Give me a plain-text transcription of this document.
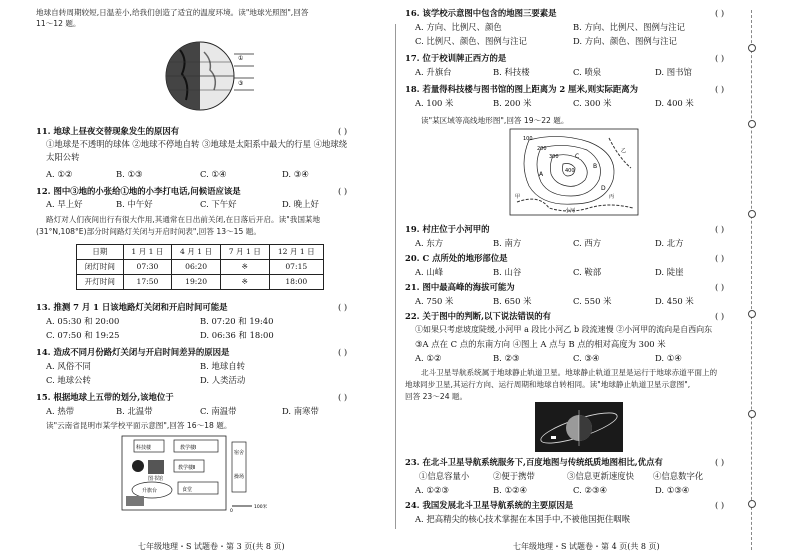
地球自转周期较短,日温差小,给我们创造了适宜的温度环境。读"地球光照图",回答
11～12 题。
①
③
11. 地球上昼夜交替现象发生的原因有	( )
①地球是不透明的球体 ②地球不停地自转 ③地球是太阳系中最大的行星 ④地球绕
太阳公转
A. ①②	B. ①③	C. ①④	D. ③④
12. 图中③地的小张给①地的小李打电话,问候语应该是	( )
A. 早上好	B. 中午好	C. 下午好	D. 晚上好
路灯对人们夜间出行有很大作用,其通常在日出前关闭,在日落后开启。读"我国某地
(31°N,108°E)部分时间路灯关闭与开启时间表",回答 13～15 题。
日期	1 月 1 日	4 月 1 日	7 月 1 日	12 月 1 日
闭灯时间	07:30	06:20	※	07:15
开灯时间	17:50	19:20	※	18:00
13. 推测 7 月 1 日该地路灯关闭和开启时间可能是	( )
A. 05:30 和 20:00	B. 07:20 和 19:40
C. 07:50 和 19:25	D. 06:36 和 18:00
14. 造成不同月份路灯关闭与开启时间差异的原因是	( )
A. 风俗不同	B. 地球自转
C. 地球公转	D. 人类活动
15. 根据地球上五带的划分,该地位于	( )
A. 热带	B. 北温带	C. 南温带	D. 南寒带
读"云南省昆明市某学校平面示意图",回答 16～18 题。
科技楼	教学楼Ⅰ
教学楼Ⅱ
升旗台	食堂
图书馆
宿舍
操场
0
100米
七年级地理・S 试题卷・第 3 页(共 8 页)
16. 该学校示意图中包含的地图三要素是	( )
A. 方向、比例尺、颜色	B. 方向、比例尺、图例与注记
C. 比例尺、颜色、图例与注记	D. 方向、颜色、图例与注记
17. 位于校训牌正西方的是	( )
A. 升旗台	B. 科技楼	C. 喷泉	D. 图书馆
18. 若量得科技楼与图书馆的图上距离为 2 厘米,则实际距离为	( )
A. 100 米	B. 200 米	C. 300 米	D. 400 米
读"某区域等高线地形图",回答 19～22 题。
100
200
300
400
A
B
C
D
甲
乙
丙
小河
19. 村庄位于小河甲的	( )
A. 东方	B. 南方	C. 西方	D. 北方
20. C 点所处的地形部位是	( )
A. 山峰	B. 山谷	C. 鞍部	D. 陡崖
21. 图中最高峰的海拔可能为	( )
A. 750 米	B. 650 米	C. 550 米	D. 450 米
22. 关于图中的判断,以下说法错误的有	( )
①如果只考虑坡度陡缓,小河甲 a 段比小河乙 b 段流速慢 ②小河甲的流向是自西向东
③A 点在 C 点的东南方向 ④图上 A 点与 B 点的相对高度为 300 米
A. ①②	B. ②③	C. ③④	D. ①④
北斗卫星导航系统属于地球静止轨道卫星。地球静止轨道卫星是运行于地球赤道平面上的
地球同步卫星,其运行方向、运行周期和地球自转相同。读"地球静止轨道卫星示意图",
回答 23～24 题。
23. 在北斗卫星导航系统服务下,百度地图与传统纸质地图相比,优点有	( )
①信息容量小	②便于携带	③信息更新速度快 ④信息数字化
A. ①②③	B. ①②④	C. ②③④	D. ①③④
24. 我国发展北斗卫星导航系统的主要原因是	( )
A. 把高精尖的核心技术掌握在本国手中,不被他国扼住咽喉
七年级地理・S 试题卷・第 4 页(共 8 页)
